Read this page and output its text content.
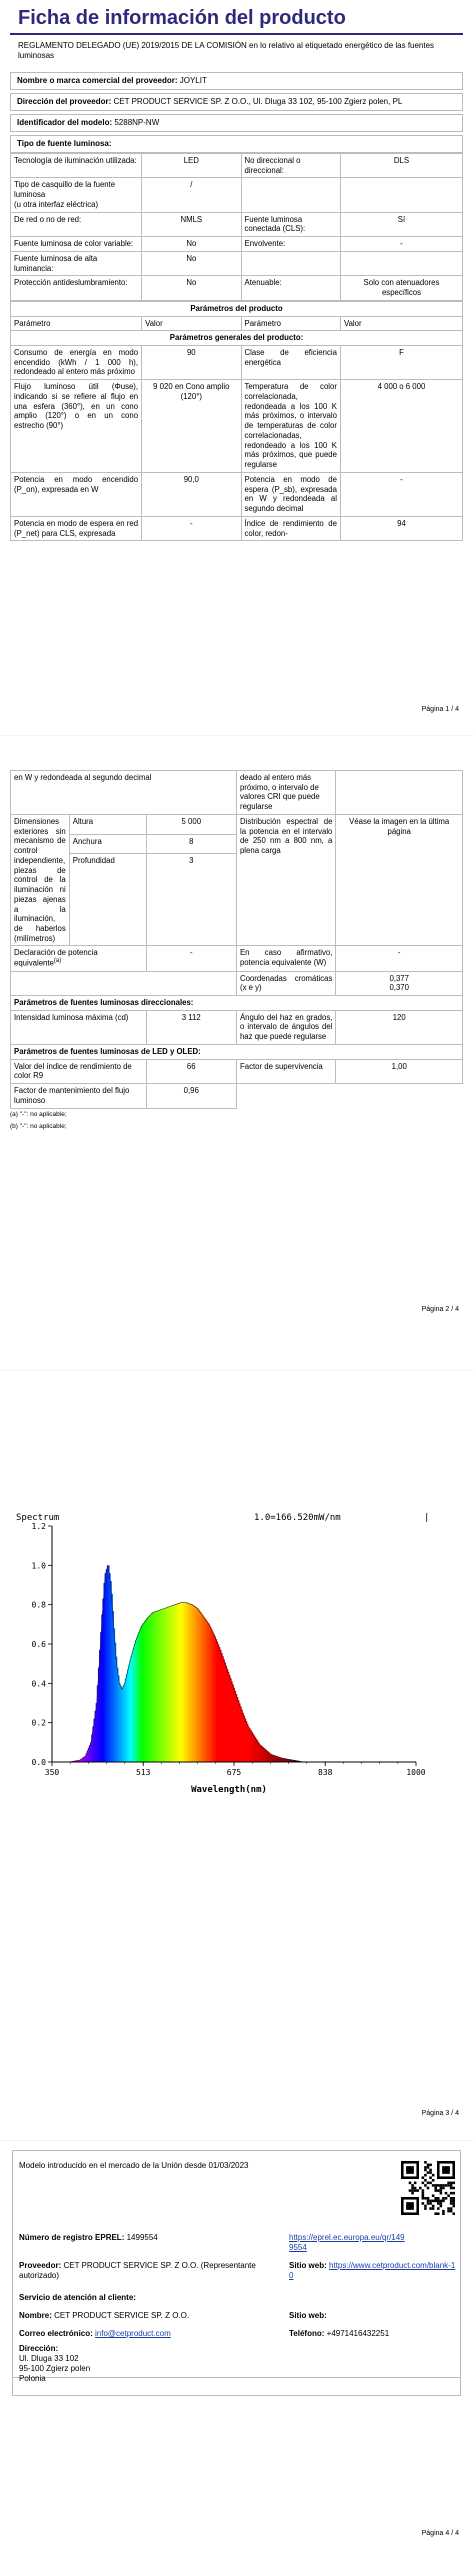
Ficha de información del producto
REGLAMENTO DELEGADO (UE) 2019/2015 DE LA COMISIÓN en lo relativo al etiquetado energético de las fuentes luminosas
Nombre o marca comercial del proveedor: JOYLIT
Dirección del proveedor: CET PRODUCT SERVICE SP. Z O.O., Ul. Dluga 33 102, 95-100 Zgierz polen, PL
Identificador del modelo: 5288NP-NW
Tipo de fuente luminosa:
Tecnología de iluminación utilizada:	LED	No direccional o direccional:	DLS
Tipo de casquillo de la fuente luminosa
(u otra interfaz eléctrica)	/		
De red o no de red:	NMLS	Fuente luminosa conectada (CLS):	Sí
Fuente luminosa de color variable:	No	Envolvente:	-
Fuente luminosa de alta luminancia:	No		
Protección antideslumbramiento:	No	Atenuable:	Solo con atenuadores específicos
Parámetros del producto			
Parámetro	Valor	Parámetro	Valor
Parámetros generales del producto:			
Consumo de energía en modo encendido (kWh / 1 000 h), redondeado al entero más próximo	90	Clase de eficiencia energética	F
Flujo luminoso útil (Φuse), indicando si se refiere al flujo en una esfera (360°), en un cono amplio (120°) o en un cono estrecho (90°)	9 020 en Cono amplio (120°)	Temperatura de color correlacionada, redondeada a los 100 K más próximos, o intervalo de temperaturas de color correlacionadas, redondeado a los 100 K más próximos, que puede regularse	4 000 o 6 000
Potencia en modo encendido (P_on), expresada en W	90,0	Potencia en modo de espera (P_sb), expresada en W y redondeada al segundo decimal	-
Potencia en modo de espera en red (P_net) para CLS, expresada	-	Índice de rendimiento de color, redon-	94
Página 1 / 4
en W y redondeada al segundo decimal			deado al entero más próximo, o intervalo de valores CRI que puede regularse	
Dimensiones exteriores sin mecanismo de control independiente, piezas de control de la iluminación ni piezas ajenas a la iluminación, de haberlos (milímetros)	Altura	5 000	Distribución espectral de la potencia en el intervalo de 250 nm a 800 nm, a plena carga	Véase la imagen en la última página
	Anchura	8		
	Profundidad	3		
Declaración de potencia equivalente$^{(a)}$		-	En caso afirmativo, potencia equivalente (W)	-
			Coordenadas cromáticas (x e y)	0,377
0,370

Parámetros de fuentes luminosas direccionales:				
Intensidad luminosa máxima (cd)		3 112	Ángulo del haz en grados, o intervalo de ángulos del haz que puede regularse	120
Parámetros de fuentes luminosas de LED y OLED:				
Valor del índice de rendimiento de color R9		66	Factor de supervivencia	1,00
Factor de mantenimiento del flujo luminoso		0,96		
(a) "-": no aplicable;
(b) "-": no aplicable;
Página 2 / 4
Spectrum	1.0=166.520mW/nm	|
0.0
0.2
0.4
0.6
0.8
1.0
1.2
350	513	675	838	1000
Wavelength(nm)
Página 3 / 4
Modelo introducido en el mercado de la Unión desde 01/03/2023
Número de registro EPREL: 1499554	https://eprel.ec.europa.eu/qr/1499554
Proveedor: CET PRODUCT SERVICE SP. Z O.O. (Representante autorizado)
Sitio web: https://www.cetproduct.com/blank-10
Servicio de atención al cliente:
Nombre: CET PRODUCT SERVICE SP. Z O.O.	Sitio web:
Correo electrónico: info@cetproduct.com	Teléfono: +4971416432251
Dirección:
Ul. Dluga 33 102
95-100 Zgierz polen
Polonia
Página 4 / 4
